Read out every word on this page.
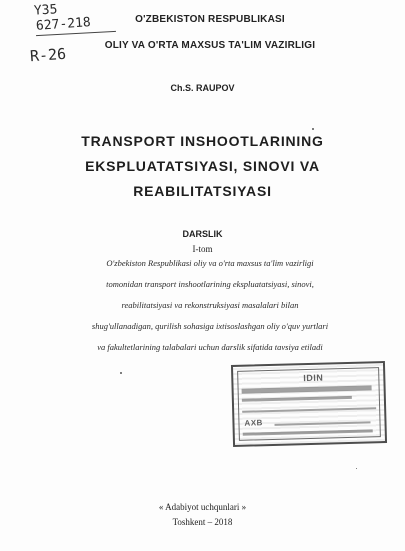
Y35
627-218
R-26
O'ZBEKISTON RESPUBLIKASI
OLIY VA O'RTA MAXSUS TA'LIM VAZIRLIGI
Ch.S. RAUPOV
TRANSPORT INSHOOTLARINING
EKSPLUATATSIYASI, SINOVI VA
REABILITATSIYASI
DARSLIK
I-tom
O'zbekiston Respublikasi oliy va o'rta maxsus ta'lim vazirligi
tomonidan transport inshootlarining ekspluatatsiyasi, sinovi,
reabilitatsiyasi va rekonstruksiyasi masalalari bilan
shug'ullanadigan, qurilish sohasiga ixtisoslashgan oliy o'quv yurtlari
va fakultetlarining talabalari uchun darslik sifatida tavsiya etiladi
IDIN
AXB
« Adabiyot uchqunlari »
Toshkent – 2018
